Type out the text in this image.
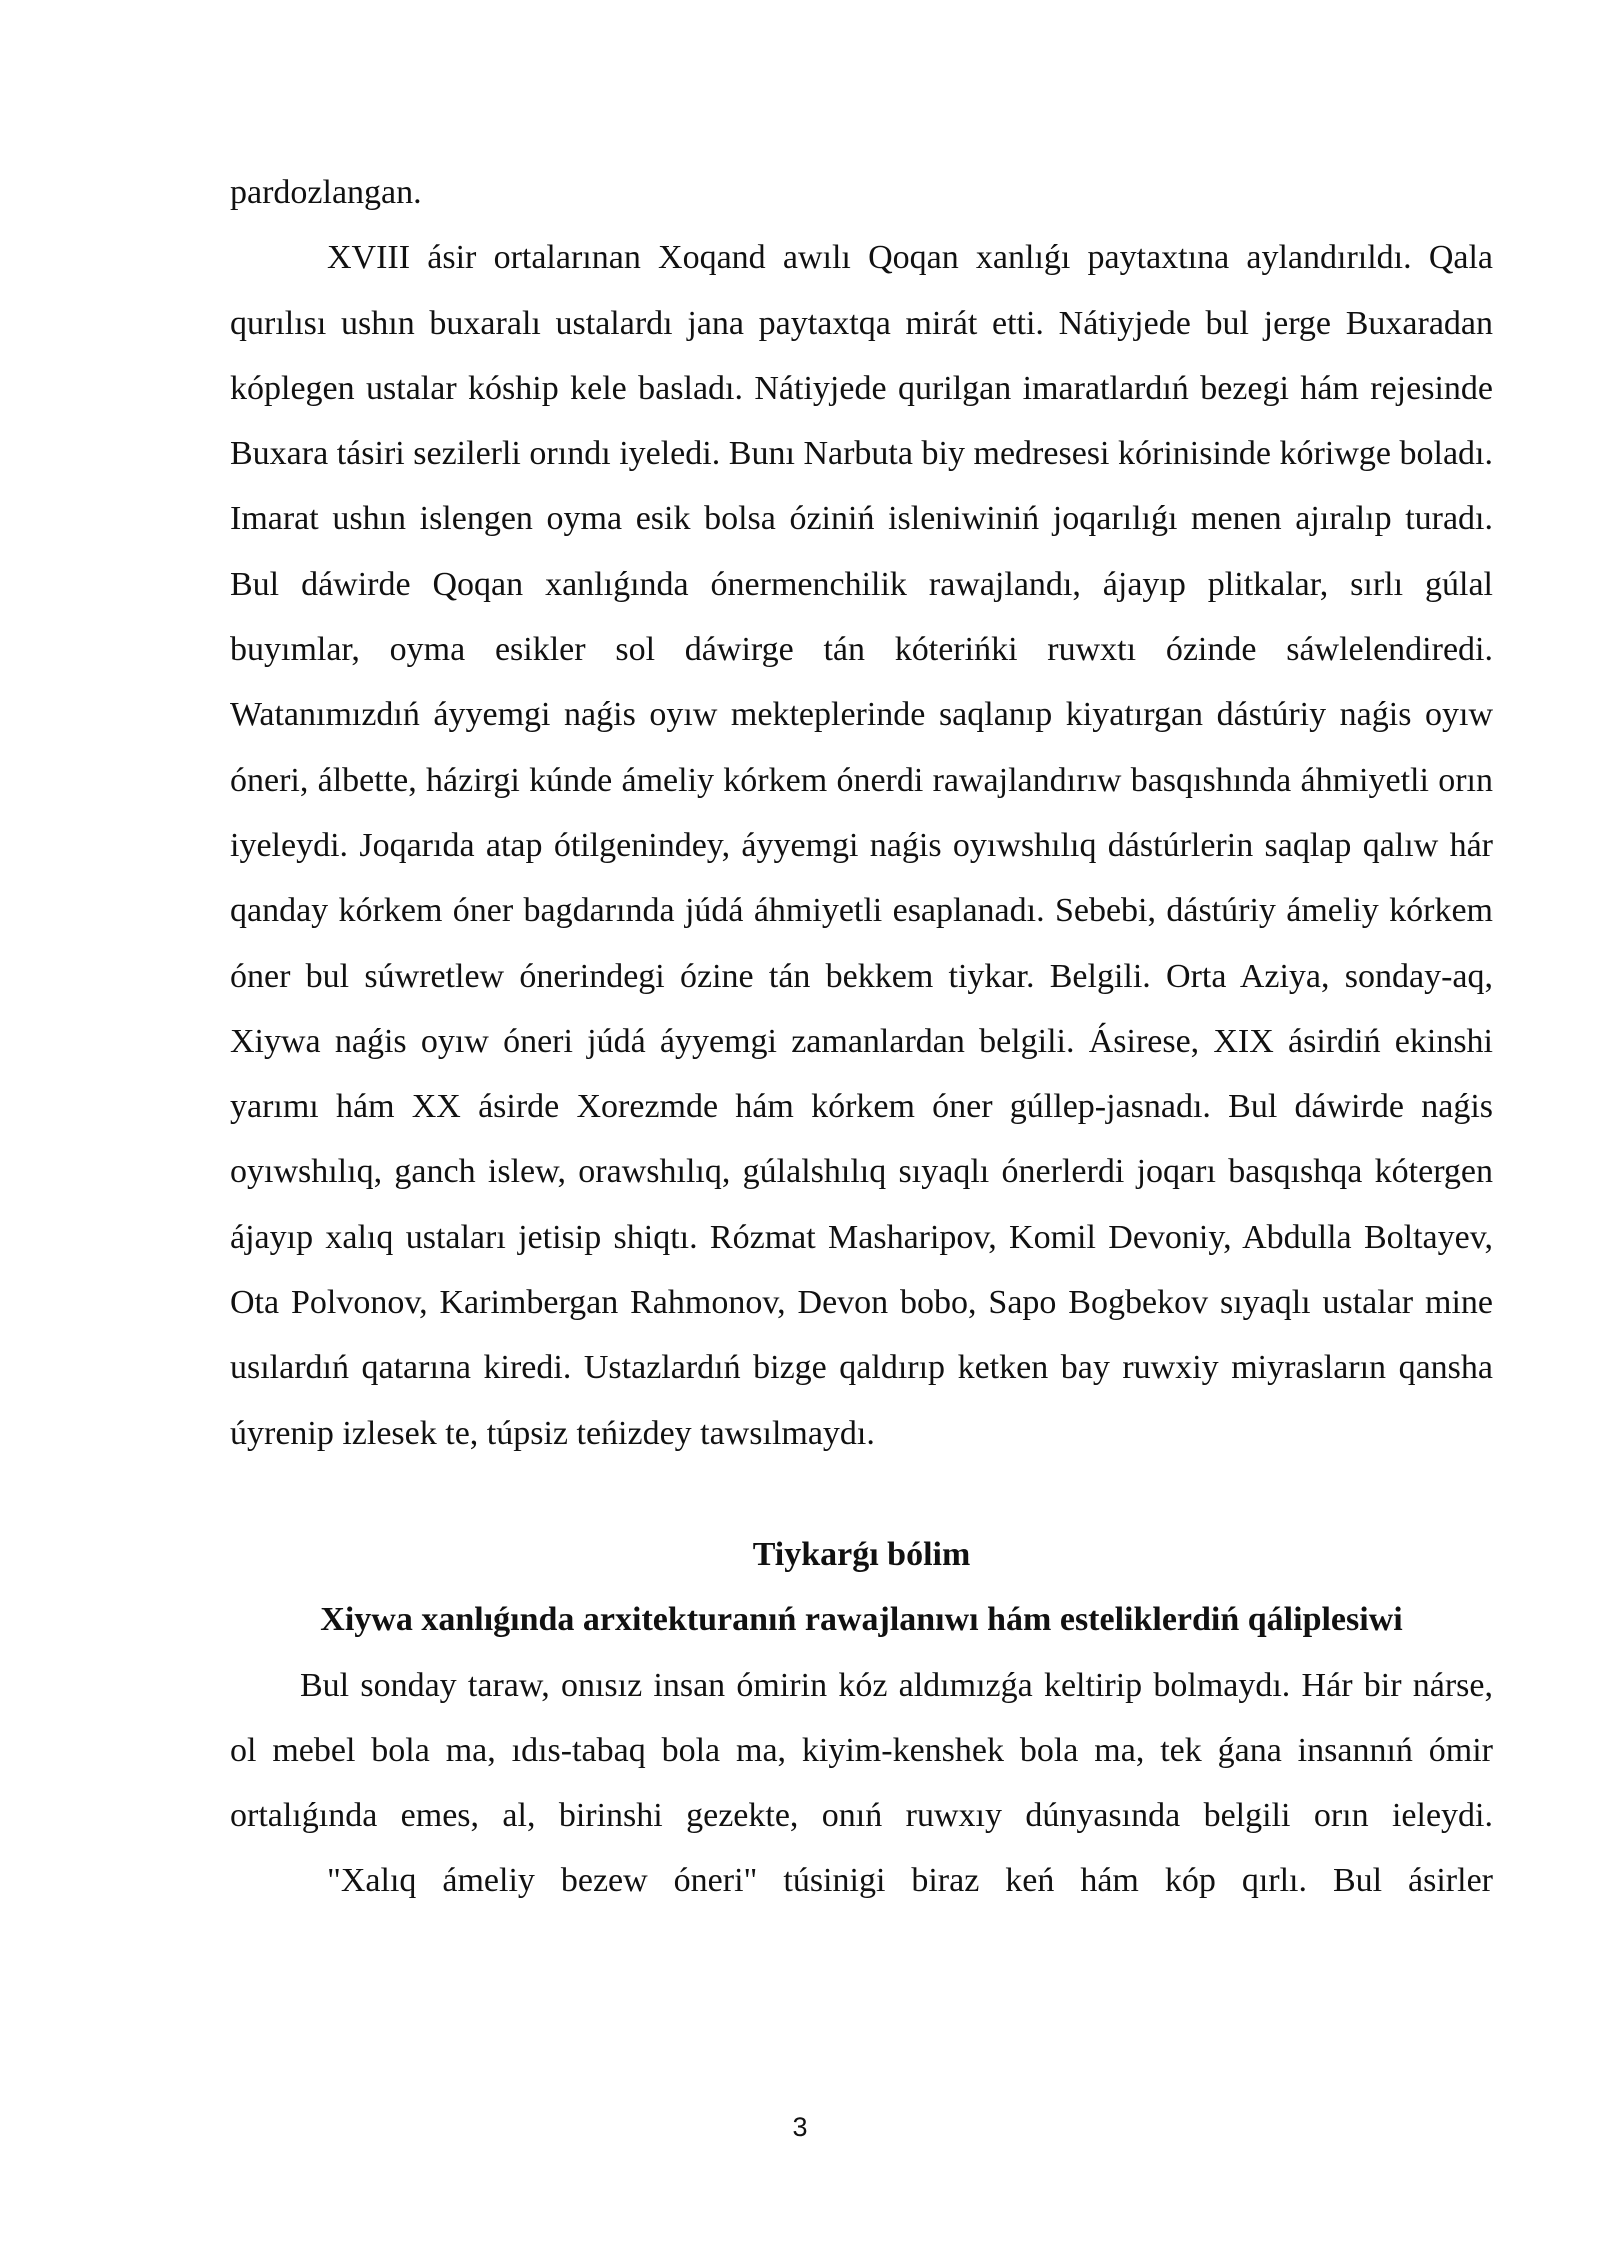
pardozlangan.

XVIII ásir ortalarınan Xoqand awılı Qoqan xanlıǵı paytaxtına aylandırıldı. Qala qurılısı ushın buxaralı ustalardı jana paytaxtqa mirát etti. Nátiyjede bul jerge Buxaradan kóplegen ustalar kóship kele basladı. Nátiyjede qurilgan imaratlardıń bezegi hám rejesinde Buxara tásiri sezilerli orındı iyeledi. Bunı Narbuta biy medresesi kórinisinde kóriwge boladı. Imarat ushın islengen oyma esik bolsa óziniń isleniwiniń joqarılıǵı menen ajıralıp turadı. Bul dáwirde Qoqan xanlıǵında ónermenchilik rawajlandı, ájayıp plitkalar, sırlı gúlal buyımlar, oyma esikler sol dáwirge tán kóterińki ruwxtı ózinde sáwlelendiredi. Watanımızdıń áyyemgi naǵis oyıw mekteplerinde saqlanıp kiyatırgan dástúriy naǵis oyıw óneri, álbette, házirgi kúnde ámeliy kórkem ónerdi rawajlandırıw basqıshında áhmiyetli orın iyeleydi. Joqarıda atap ótilgenindey, áyyemgi naǵis oyıwshılıq dástúrlerin saqlap qalıw hár qanday kórkem óner bagdarında júdá áhmiyetli esaplanadı. Sebebi, dástúriy ámeliy kórkem óner bul súwretlew ónerindegi ózine tán bekkem tiykar. Belgili. Orta Aziya, sonday-aq, Xiywa naǵis oyıw óneri júdá áyyemgi zamanlardan belgili. Ásirese, XIX ásirdiń ekinshi yarımı hám XX ásirde Xorezmde hám kórkem óner gúllep-jasnadı. Bul dáwirde naǵis oyıwshılıq, ganch islew, orawshılıq, gúlalshılıq sıyaqlı ónerlerdi joqarı basqıshqa kótergen ájayıp xalıq ustaları jetisip shiqtı. Rózmat Masharipov, Komil Devoniy, Abdulla Boltayev, Ota Polvonov, Karimbergan Rahmonov, Devon bobo, Sapo Bogbekov sıyaqlı ustalar mine usılardıń qatarına kiredi. Ustazlardıń bizge qaldırıp ketken bay ruwxiy miyrasların qansha úyrenip izlesek te, túpsiz teńizdey tawsılmaydı.

Tiykarǵı bólim

Xiywa xanlıǵında arxitekturanıń rawajlanıwı hám esteliklerdiń qáliplesiwi

Bul sonday taraw, onısız insan ómirin kóz aldımızǵa keltirip bolmaydı. Hár bir nárse, ol mebel bola ma, ıdıs-tabaq bola ma, kiyim-kenshek bola ma, tek ǵana insannıń ómir ortalıǵında emes, al, birinshi gezekte, onıń ruwxıy dúnyasında belgili orın ieleydi.

"Xalıq ámeliy bezew óneri" túsinigi biraz keń hám kóp qırlı. Bul ásirler

3
